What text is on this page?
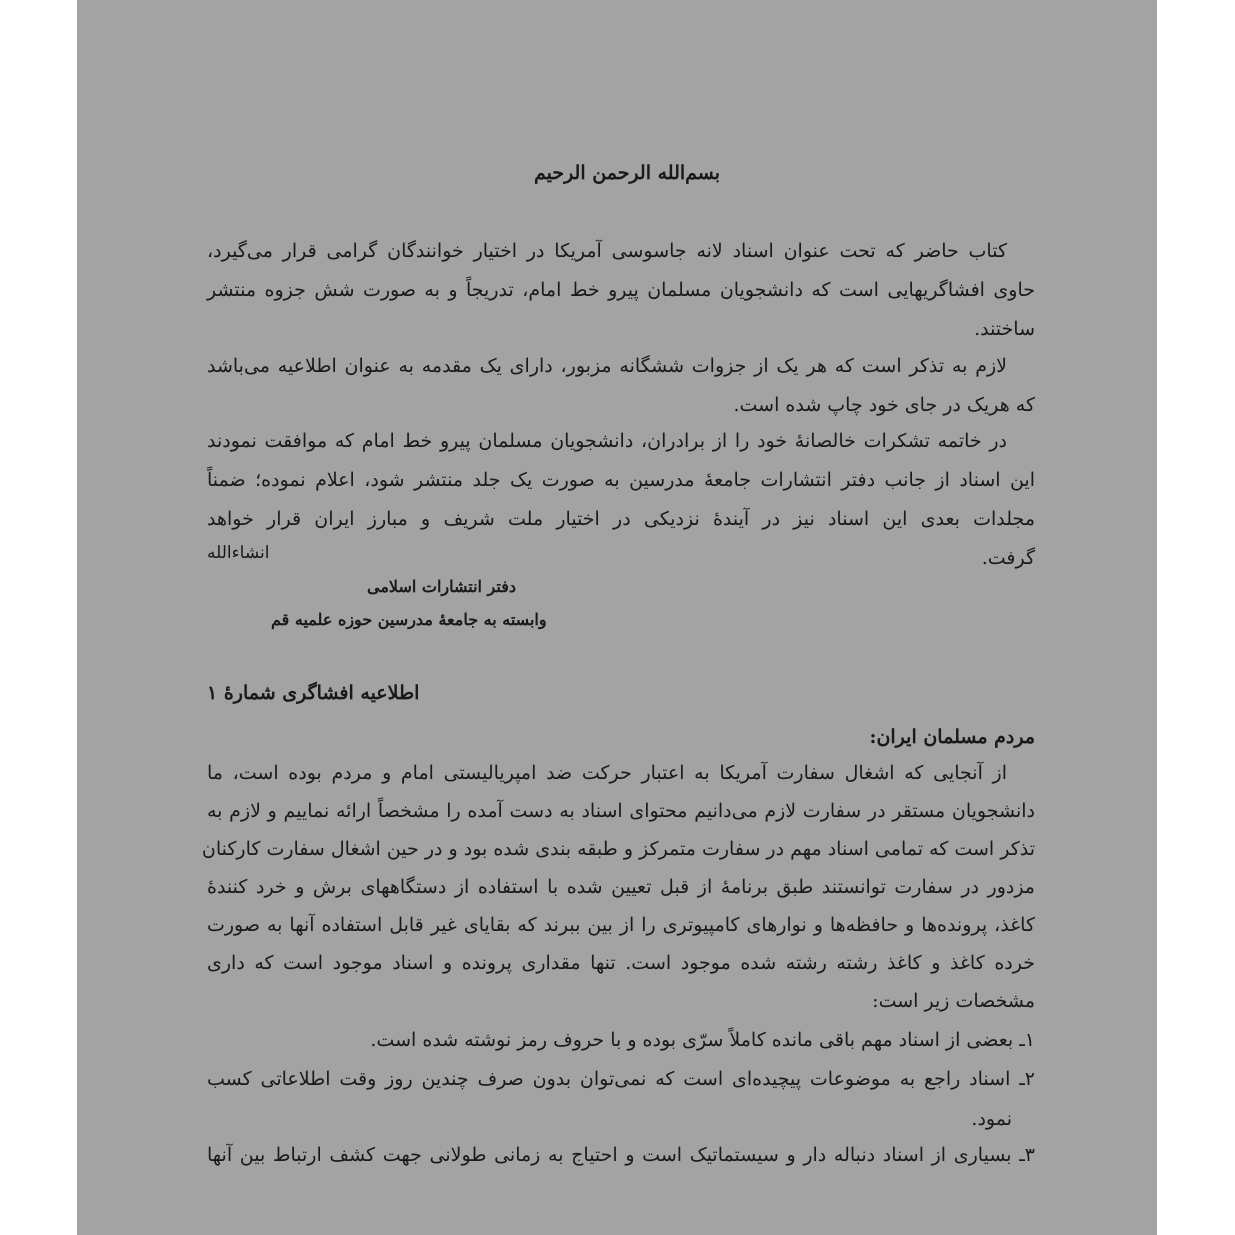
بسم‌الله الرحمن الرحیم
کتاب حاضر که تحت عنوان اسناد لانه جاسوسی آمریکا در اختیار خوانندگان گرامی قرار می‌گیرد،
حاوی افشاگریهایی است که دانشجویان مسلمان پیرو خط امام، تدریجاً و به صورت شش جزوه منتشر
ساختند.
لازم به تذکر است که هر یک از جزوات ششگانه مزبور، دارای یک مقدمه به عنوان اطلاعیه می‌باشد
که هریک در جای خود چاپ شده است.
در خاتمه تشکرات خالصانهٔ خود را از برادران، دانشجویان مسلمان پیرو خط امام که موافقت نمودند
این اسناد از جانب دفتر انتشارات جامعهٔ مدرسین به صورت یک جلد منتشر شود، اعلام نموده؛ ضمناً
مجلدات بعدی این اسناد نیز در آیندهٔ نزدیکی در اختیار ملت شریف و مبارز ایران قرار خواهد
گرفت.
انشاءالله
دفتر انتشارات اسلامی
وابسته به جامعهٔ مدرسین حوزه علمیه قم
اطلاعیه افشاگری شمارهٔ ۱
مردم مسلمان ایران:
از آنجایی که اشغال سفارت آمریکا به اعتبار حرکت ضد امپریالیستی امام و مردم بوده است، ما
دانشجویان مستقر در سفارت لازم می‌دانیم محتوای اسناد به دست آمده را مشخصاً ارائه نماییم و لازم به
تذکر است که تمامی اسناد مهم در سفارت متمرکز و طبقه بندی شده بود و در حین اشغال سفارت کارکنان
مزدور در سفارت توانستند طبق برنامهٔ از قبل تعیین شده با استفاده از دستگاههای برش و خرد کنندهٔ
کاغذ، پرونده‌ها و حافظه‌ها و نوارهای کامپیوتری را از بین ببرند که بقایای غیر قابل استفاده آنها به صورت
خرده کاغذ و کاغذ رشته رشته شده موجود است. تنها مقداری پرونده و اسناد موجود است که داری
مشخصات زیر است:
۱ـ بعضی از اسناد مهم باقی مانده کاملاً سرّی بوده و با حروف رمز نوشته شده است.
۲ـ اسناد راجع به موضوعات پیچیده‌ای است که نمی‌توان بدون صرف چندین روز وقت اطلاعاتی کسب
نمود.
۳ـ بسیاری از اسناد دنباله دار و سیستماتیک است و احتیاج به زمانی طولانی جهت کشف ارتباط بین آنها
